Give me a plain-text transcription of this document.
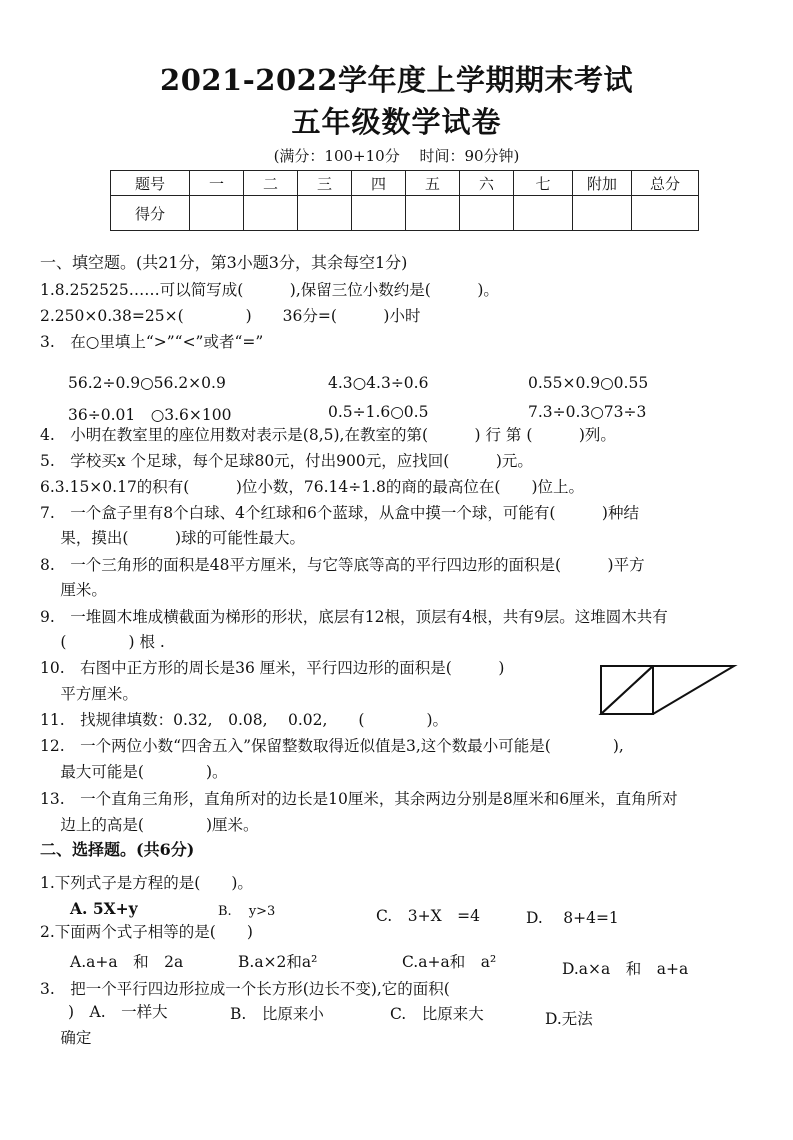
2021-2022学年度上学期期末考试
五年级数学试卷
(满分：100+10分　 时间：90分钟)
题号	一	二	三	四	五	六	七	附加	总分
得分									
一、填空题。(共21分，第3小题3分，其余每空1分)
1.8.252525……可以简写成(　　　),保留三位小数约是(　　　)。
2.250×0.38=25×(　　　　)　　36分=(　　　)小时
3.　在○里填上“>”“<”或者“=”
56.2÷0.9○56.2×0.9	4.3○4.3÷0.6	0.55×0.9○0.55
36÷0.01　○3.6×100	0.5÷1.6○0.5	7.3÷0.3○73÷3
4.　小明在教室里的座位用数对表示是(8,5),在教室的第(　　　) 行 第 (　　　)列。
5.　学校买x 个足球，每个足球80元，付出900元，应找回(　　　)元。
6.3.15×0.17的积有(　　　)位小数，76.14÷1.8的商的最高位在(　　)位上。
7.　一个盒子里有8个白球、4个红球和6个蓝球，从盒中摸一个球，可能有(　　　)种结
　 果，摸出(　　　)球的可能性最大。
8.　一个三角形的面积是48平方厘米，与它等底等高的平行四边形的面积是(　　　)平方
　 厘米。
9.　一堆圆木堆成横截面为梯形的形状，底层有12根，顶层有4根，共有9层。这堆圆木共有
　 (　　　　) 根 .
10.　右图中正方形的周长是36 厘米，平行四边形的面积是(　　　)
　 平方厘米。
11.　找规律填数：0.32,　0.08,　 0.02,　　(　　　　)。
12.　一个两位小数“四舍五入”保留整数取得近似值是3,这个数最小可能是(　　　　),
　 最大可能是(　　　　)。
13.　一个直角三角形，直角所对的边长是10厘米，其余两边分别是8厘米和6厘米，直角所对
　 边上的高是(　　　　)厘米。
二、选择题。(共6分)
1.下列式子是方程的是(　　)。
A. 5X+y	B.　 y>3	C.　3+X　=4	D.　 8+4=1
2.下面两个式子相等的是(　　)
A.a+a　和　2a	B.a×2和a²	C.a+a和　a²	D.a×a　和　a+a
3.　把一个平行四边形拉成一个长方形(边长不变),它的面积(
)　A.　一样大	B.　比原来小	C.　比原来大	D.无法
　 确定
